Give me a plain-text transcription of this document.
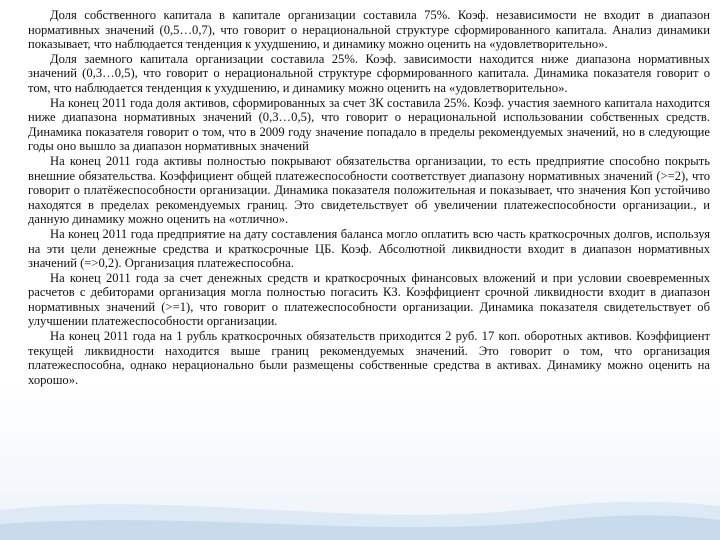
Доля собственного капитала в капитале организации составила 75%. Коэф. независимости не входит в диапазон нормативных значений (0,5…0,7), что говорит о нерациональной структуре сформированного капитала. Анализ динамики показывает, что наблюдается тенденция к ухудшению, и динамику можно оценить на «удовлетворительно».

Доля заемного капитала организации составила 25%. Коэф. зависимости находится ниже диапазона нормативных значений (0,3…0,5), что говорит о нерациональной структуре сформированного капитала. Динамика показателя говорит о том, что наблюдается тенденция к ухудшению, и динамику можно оценить на «удовлетворительно».

На конец 2011 года доля активов, сформированных за счет ЗК составила 25%. Коэф. участия заемного капитала находится ниже диапазона нормативных значений (0,3…0,5), что говорит о нерациональной использовании собственных средств. Динамика показателя говорит о том, что в 2009 году значение попадало в пределы рекомендуемых значений, но в следующие годы оно вышло за диапазон нормативных значений

На конец 2011 года активы полностью покрывают обязательства организации, то есть предприятие способно покрыть внешние обязательства. Коэффициент общей платежеспособности соответствует диапазону нормативных значений (>=2), что говорит о платёжеспособности организации. Динамика показателя положительная и показывает, что значения Коп устойчиво находятся в пределах рекомендуемых границ. Это свидетельствует об увеличении платежеспособности организации., и данную динамику можно оценить на «отлично».

На конец 2011 года предприятие на дату составления баланса могло оплатить всю часть краткосрочных долгов, используя на эти цели денежные средства и краткосрочные ЦБ. Коэф. Абсолютной ликвидности входит в диапазон нормативных значений (=>0,2). Организация платежеспособна.

На конец 2011 года за счет денежных средств и краткосрочных финансовых вложений и при условии своевременных расчетов с дебиторами организация могла полностью погасить КЗ. Коэффициент срочной ликвидности входит в диапазон нормативных значений (>=1), что говорит о платежеспособности организации. Динамика показателя свидетельствует об улучшении платежеспособности организации.

На конец 2011 года на 1 рубль краткосрочных обязательств приходится 2 руб. 17 коп. оборотных активов. Коэффициент текущей ликвидности находится выше границ рекомендуемых значений. Это говорит о том, что организация платежеспособна, однако нерационально были размещены собственные средства в активах. Динамику можно оценить на хорошо».
